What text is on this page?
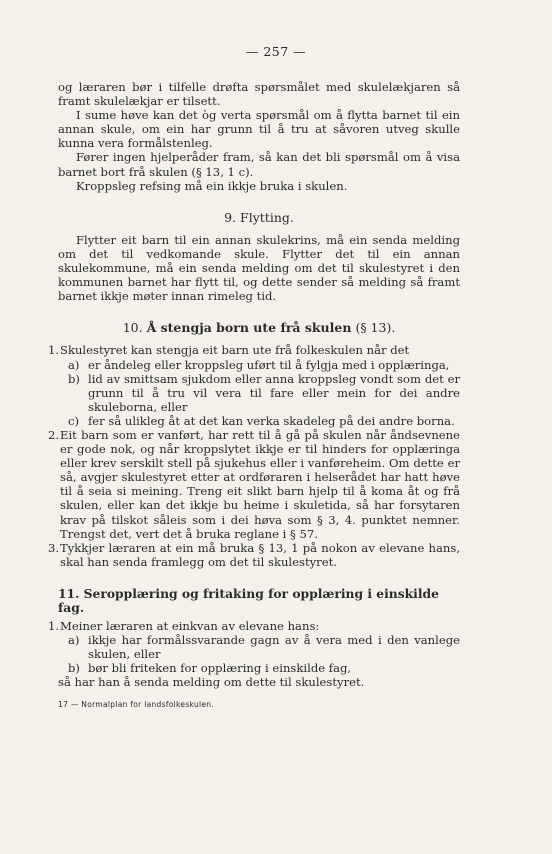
— 257 —

og læraren bør i tilfelle drøfta spørsmålet med skulelækjaren så framt skulelækjar er tilsett.

I sume høve kan det òg verta spørsmål om å flytta barnet til ein annan skule, om ein har grunn til å tru at såvoren utveg skulle kunna vera formålstenleg.

Fører ingen hjelperåder fram, så kan det bli spørsmål om å visa barnet bort frå skulen (§ 13, 1 c).

Kroppsleg refsing må ein ikkje bruka i skulen.

9. Flytting.

Flytter eit barn til ein annan skulekrins, må ein senda melding om det til vedkomande skule. Flytter det til ein annan skulekommune, må ein senda melding om det til skulestyret i den kommunen barnet har flytt til, og dette sender så melding så framt barnet ikkje møter innan rimeleg tid.

10. Å stengja born ute frå skulen (§ 13).
1. Skulestyret kan stengja eit barn ute frå folkeskulen når det
a) er åndeleg eller kroppsleg uført til å fylgja med i opplæringa,
b) lid av smittsam sjukdom eller anna kroppsleg vondt som det er grunn til å tru vil vera til fare eller mein for dei andre skuleborna, eller
c) fer så ulikleg åt at det kan verka skadeleg på dei andre borna.
2. Eit barn som er vanført, har rett til å gå på skulen når åndsevnene er gode nok, og når kroppslytet ikkje er til hinders for opplæringa eller krev serskilt stell på sjukehus eller i vanføreheim. Om dette er så, avgjer skulestyret etter at ordføraren i helserådet har hatt høve til å seia si meining. Treng eit slikt barn hjelp til å koma åt og frå skulen, eller kan det ikkje bu heime i skuletida, så har forsytaren krav på tilskot såleis som i dei høva som § 3, 4. punktet nemner. Trengst det, vert det å bruka reglane i § 57.
3. Tykkjer læraren at ein må bruka § 13, 1 på nokon av elevane hans, skal han senda framlegg om det til skulestyret.
11. Seropplæring og fritaking for opplæring i einskilde fag.
1. Meiner læraren at einkvan av elevane hans:
a) ikkje har formålssvarande gagn av å vera med i den vanlege skulen, eller
b) bør bli friteken for opplæring i einskilde fag,

så har han å senda melding om dette til skulestyret.

17 — Normalplan for landsfolkeskulen.
